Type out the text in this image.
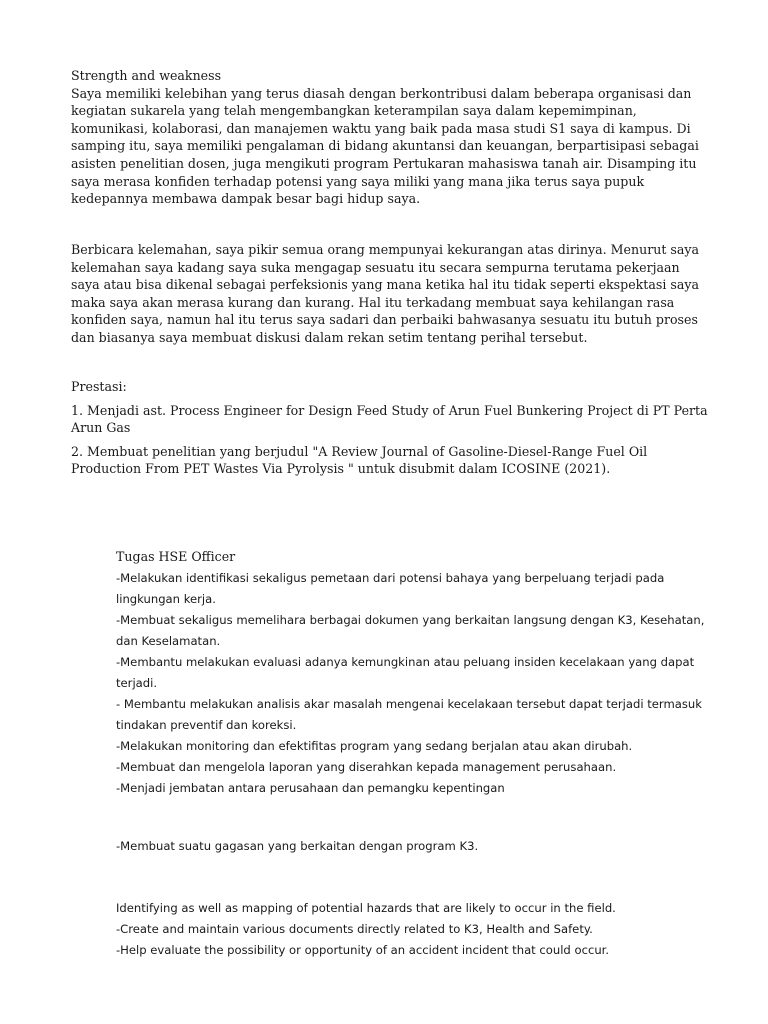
Strength and weakness

Saya memiliki kelebihan yang terus diasah dengan berkontribusi dalam beberapa organisasi dan kegiatan sukarela yang telah mengembangkan keterampilan saya dalam kepemimpinan, komunikasi, kolaborasi, dan manajemen waktu yang baik pada masa studi S1 saya di kampus. Di samping itu, saya memiliki pengalaman di bidang akuntansi dan keuangan, berpartisipasi sebagai asisten penelitian dosen, juga mengikuti program Pertukaran mahasiswa tanah air. Disamping itu saya merasa konfiden terhadap potensi yang saya miliki yang mana jika terus saya pupuk kedepannya membawa dampak besar bagi hidup saya.

Berbicara kelemahan, saya pikir semua orang mempunyai kekurangan atas dirinya. Menurut saya kelemahan saya kadang saya suka mengagap sesuatu itu secara sempurna terutama pekerjaan saya atau bisa dikenal sebagai perfeksionis yang mana ketika hal itu tidak seperti ekspektasi saya maka saya akan merasa kurang dan kurang. Hal itu terkadang membuat saya kehilangan rasa konfiden saya, namun hal itu terus saya sadari dan perbaiki bahwasanya sesuatu itu butuh proses dan biasanya saya membuat diskusi dalam rekan setim tentang perihal tersebut.

Prestasi:
1. Menjadi ast. Process Engineer for Design Feed Study of Arun Fuel Bunkering Project di PT Perta Arun Gas
2. Membuat penelitian yang berjudul "A Review Journal of Gasoline-Diesel-Range Fuel Oil Production From PET Wastes Via Pyrolysis " untuk disubmit dalam ICOSINE (2021).
Tugas HSE Officer
-Melakukan identifikasi sekaligus pemetaan dari potensi bahaya yang berpeluang terjadi pada lingkungan kerja.
-Membuat sekaligus memelihara berbagai dokumen yang berkaitan langsung dengan K3, Kesehatan, dan Keselamatan.
-Membantu melakukan evaluasi adanya kemungkinan atau peluang insiden kecelakaan yang dapat terjadi.
- Membantu melakukan analisis akar masalah mengenai kecelakaan tersebut dapat terjadi termasuk tindakan preventif dan koreksi.
-Melakukan monitoring dan efektifitas program yang sedang berjalan atau akan dirubah.
-Membuat dan mengelola laporan yang diserahkan kepada management perusahaan.
-Menjadi jembatan antara perusahaan dan pemangku kepentingan
-Membuat suatu gagasan yang berkaitan dengan program K3.
Identifying as well as mapping of potential hazards that are likely to occur in the field.
-Create and maintain various documents directly related to K3, Health and Safety.
-Help evaluate the possibility or opportunity of an accident incident that could occur.
